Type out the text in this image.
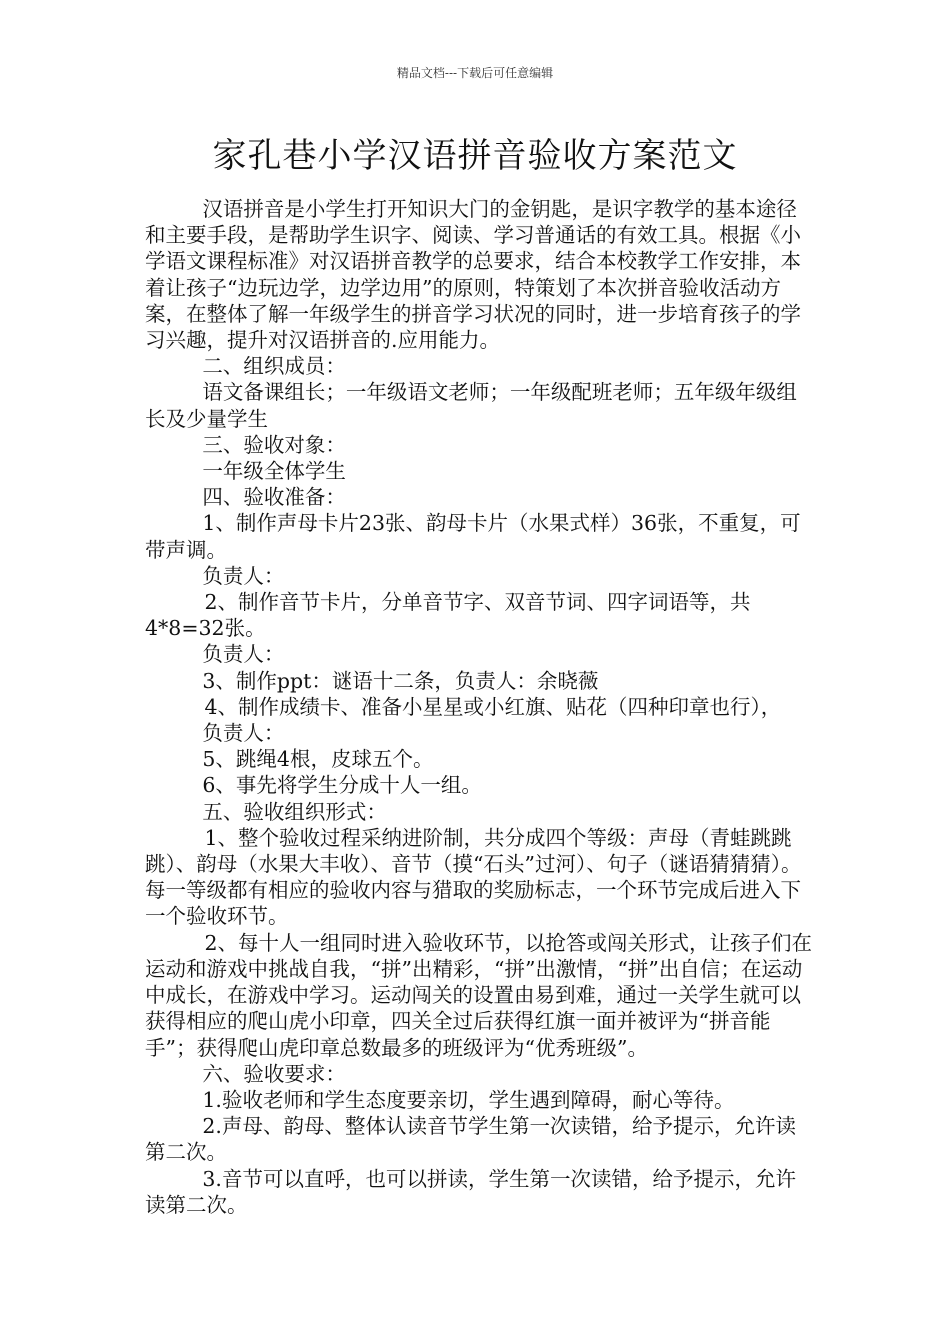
精品文档---下载后可任意编辑
家孔巷小学汉语拼音验收方案范文

汉语拼音是小学生打开知识大门的金钥匙，是识字教学的基本途径和主要手段，是帮助学生识字、阅读、学习普通话的有效工具。根据《小学语文课程标准》对汉语拼音教学的总要求，结合本校教学工作安排，本着让孩子“边玩边学，边学边用”的原则，特策划了本次拼音验收活动方案，在整体了解一年级学生的拼音学习状况的同时，进一步培育孩子的学习兴趣，提升对汉语拼音的.应用能力。

二、组织成员：

语文备课组长；一年级语文老师；一年级配班老师；五年级年级组长及少量学生

三、验收对象：

一年级全体学生

四、验收准备：

1、制作声母卡片23张、韵母卡片（水果式样）36张，不重复，可带声调。

负责人：

2、制作音节卡片，分单音节字、双音节词、四字词语等，共4*8=32张。

负责人：

3、制作ppt：谜语十二条，负责人：余晓薇

4、制作成绩卡、准备小星星或小红旗、贴花（四种印章也行），

负责人：

5、跳绳4根，皮球五个。

6、事先将学生分成十人一组。

五、验收组织形式：

1、整个验收过程采纳进阶制，共分成四个等级：声母（青蛙跳跳跳）、韵母（水果大丰收）、音节（摸“石头”过河）、句子（谜语猜猜猜）。每一等级都有相应的验收内容与猎取的奖励标志，一个环节完成后进入下一个验收环节。

2、每十人一组同时进入验收环节，以抢答或闯关形式，让孩子们在运动和游戏中挑战自我，“拼”出精彩，“拼”出激情，“拼”出自信；在运动中成长，在游戏中学习。运动闯关的设置由易到难，通过一关学生就可以获得相应的爬山虎小印章，四关全过后获得红旗一面并被评为“拼音能手”；获得爬山虎印章总数最多的班级评为“优秀班级”。

六、验收要求：

1.验收老师和学生态度要亲切，学生遇到障碍，耐心等待。

2.声母、韵母、整体认读音节学生第一次读错，给予提示，允许读第二次。

3.音节可以直呼，也可以拼读，学生第一次读错，给予提示，允许读第二次。
